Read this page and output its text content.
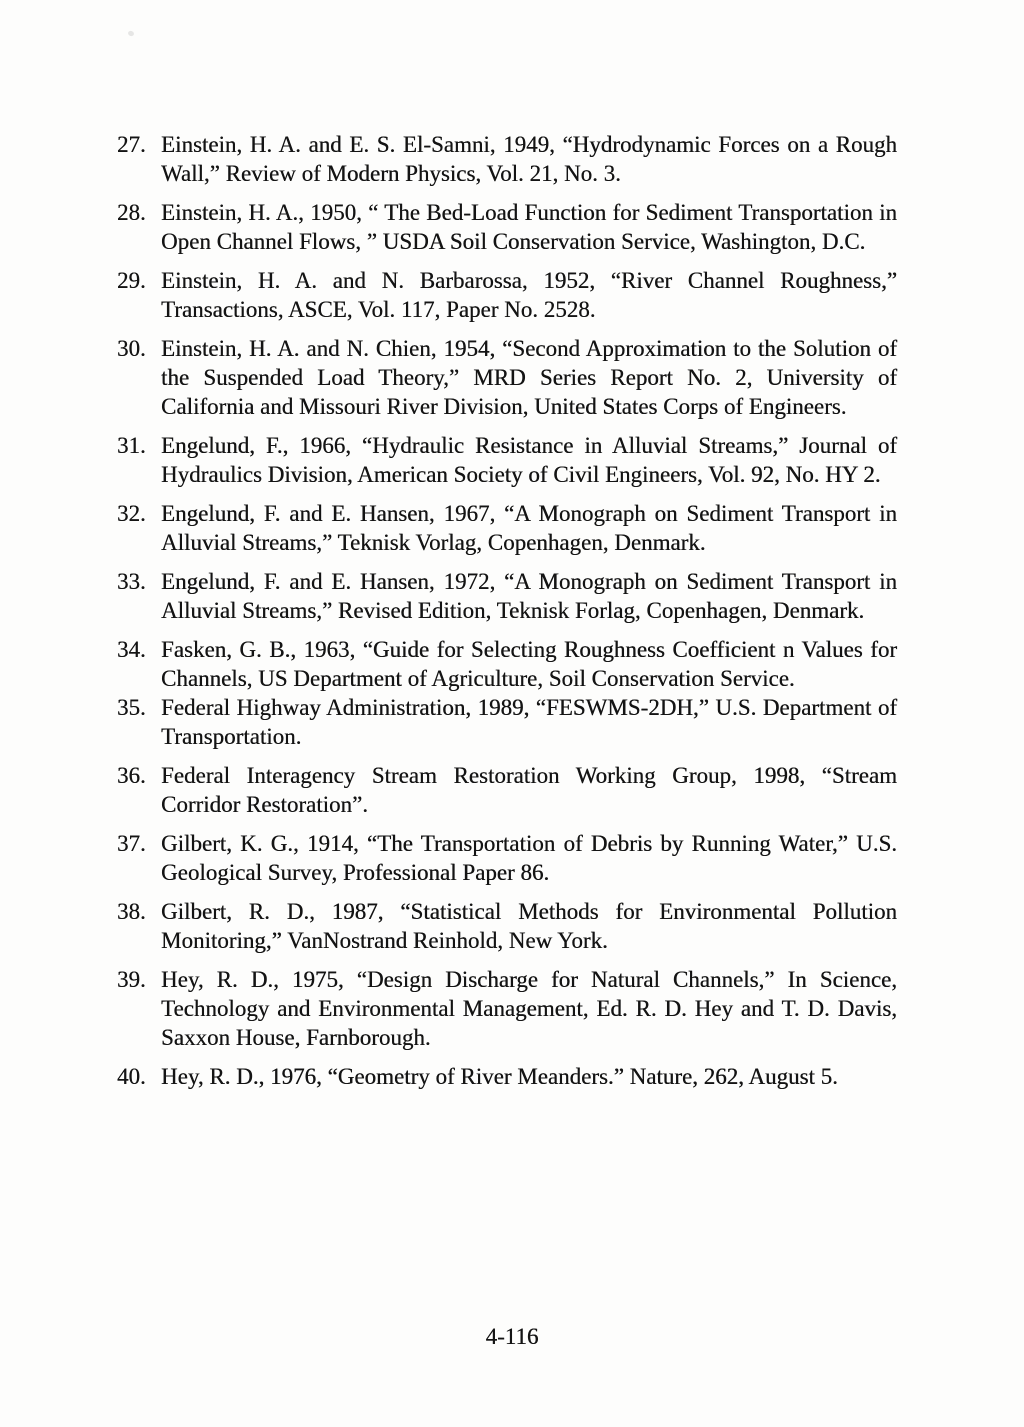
27. Einstein, H. A. and E. S. El-Samni, 1949, “Hydrodynamic Forces on a Rough Wall,” Review of Modern Physics, Vol. 21, No. 3.
28. Einstein, H. A., 1950, “ The Bed-Load Function for Sediment Transportation in Open Channel Flows, ” USDA Soil Conservation Service, Washington, D.C.
29. Einstein, H. A. and N. Barbarossa, 1952, “River Channel Roughness,” Transactions, ASCE, Vol. 117, Paper No. 2528.
30. Einstein, H. A. and N. Chien, 1954, “Second Approximation to the Solution of the Suspended Load Theory,” MRD Series Report No. 2, University of California and Missouri River Division, United States Corps of Engineers.
31. Engelund, F., 1966, “Hydraulic Resistance in Alluvial Streams,” Journal of Hydraulics Division, American Society of Civil Engineers, Vol. 92, No. HY 2.
32. Engelund, F. and E. Hansen, 1967, “A Monograph on Sediment Transport in Alluvial Streams,” Teknisk Vorlag, Copenhagen, Denmark.
33. Engelund, F. and E. Hansen, 1972, “A Monograph on Sediment Transport in Alluvial Streams,” Revised Edition, Teknisk Forlag, Copenhagen, Denmark.
34. Fasken, G. B., 1963, “Guide for Selecting Roughness Coefficient n Values for Channels, US Department of Agriculture, Soil Conservation Service.
35. Federal Highway Administration, 1989, “FESWMS-2DH,” U.S. Department of Transportation.
36. Federal Interagency Stream Restoration Working Group, 1998, “Stream Corridor Restoration”.
37. Gilbert, K. G., 1914, “The Transportation of Debris by Running Water,” U.S. Geological Survey, Professional Paper 86.
38. Gilbert, R. D., 1987, “Statistical Methods for Environmental Pollution Monitoring,” VanNostrand Reinhold, New York.
39. Hey, R. D., 1975, “Design Discharge for Natural Channels,” In Science, Technology and Environmental Management, Ed. R. D. Hey and T. D. Davis, Saxxon House, Farnborough.
40. Hey, R. D., 1976, “Geometry of River Meanders.” Nature, 262, August 5.
4-116
